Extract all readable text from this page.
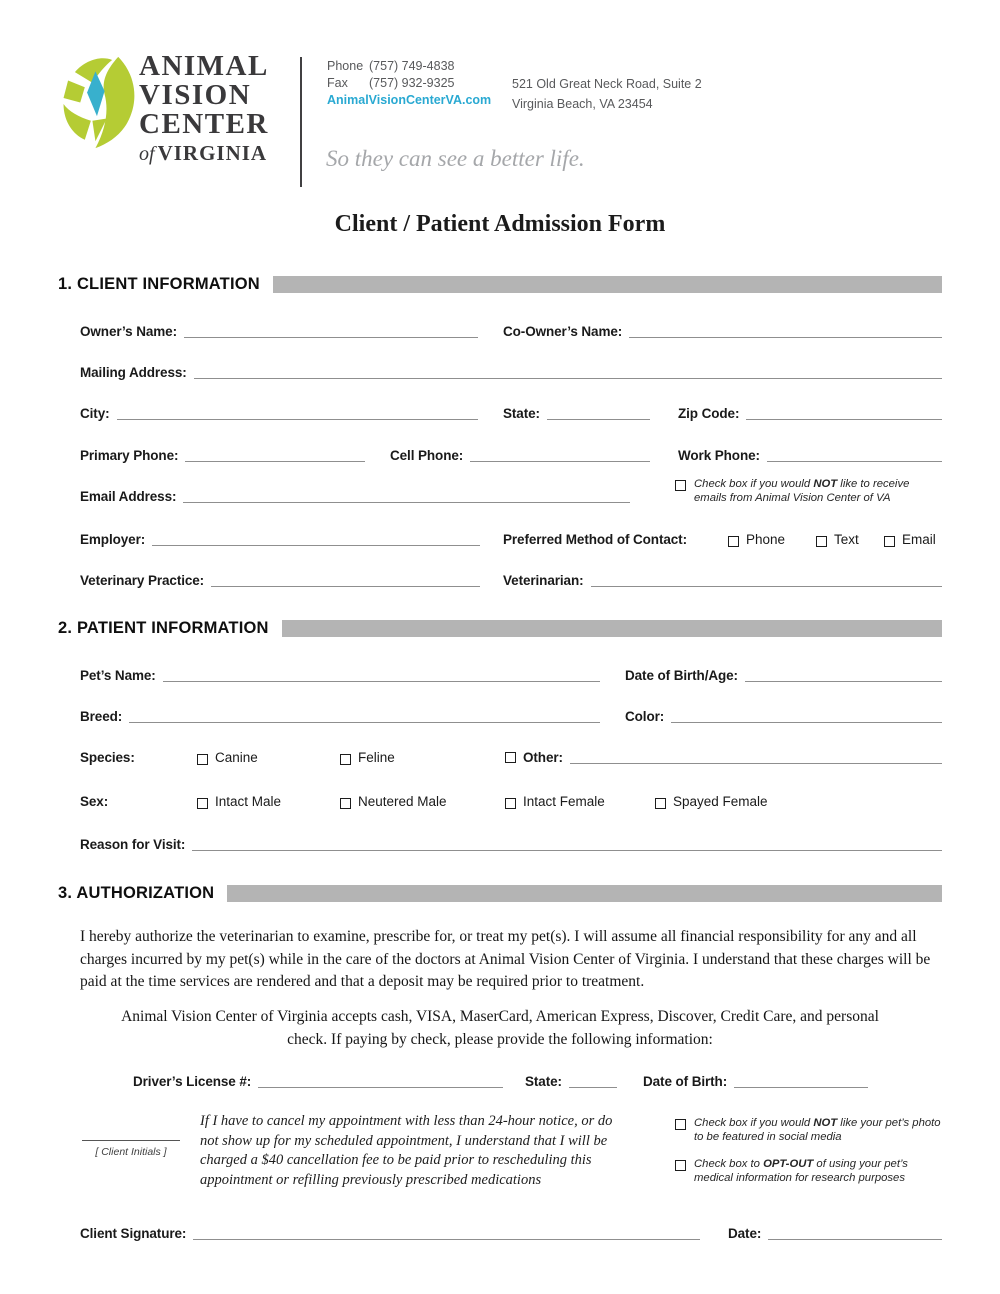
ANIMAL
VISION
CENTER
of VIRGINIA
Phone (757) 749-4838
Fax (757) 932-9325
AnimalVisionCenterVA.com
521 Old Great Neck Road, Suite 2
Virginia Beach, VA 23454
So they can see a better life.
Client / Patient Admission Form
1. CLIENT INFORMATION
Owner’s Name:	Co-Owner’s Name:
Mailing Address:
City:	State:	Zip Code:
Primary Phone:	Cell Phone:	Work Phone:
Email Address:
Check box if you would NOT like to receive emails from Animal Vision Center of VA
Employer:	Preferred Method of Contact:	Phone	Text	Email
Veterinary Practice:	Veterinarian:
2. PATIENT INFORMATION
Pet’s Name:	Date of Birth/Age:
Breed:	Color:
Species:	Canine	Feline	Other:
Sex:	Intact Male	Neutered Male	Intact Female	Spayed Female
Reason for Visit:
3. AUTHORIZATION
I hereby authorize the veterinarian to examine, prescribe for, or treat my pet(s). I will assume all financial responsibility for any and all charges incurred by my pet(s) while in the care of the doctors at Animal Vision Center of Virginia. I understand that these charges will be paid at the time services are rendered and that a deposit may be required prior to treatment.
Animal Vision Center of Virginia accepts cash, VISA, MaserCard, American Express, Discover, Credit Care, and personal check. If paying by check, please provide the following information:
Driver’s License #:	State:	Date of Birth:
[ Client Initials ]
If I have to cancel my appointment with less than 24-hour notice, or do not show up for my scheduled appointment, I understand that I will be charged a $40 cancellation fee to be paid prior to rescheduling this appointment or refilling previously prescribed medications
Check box if you would NOT like your pet’s photo to be featured in social media
Check box to OPT-OUT of using your pet’s medical information for research purposes
Client Signature:	Date:
